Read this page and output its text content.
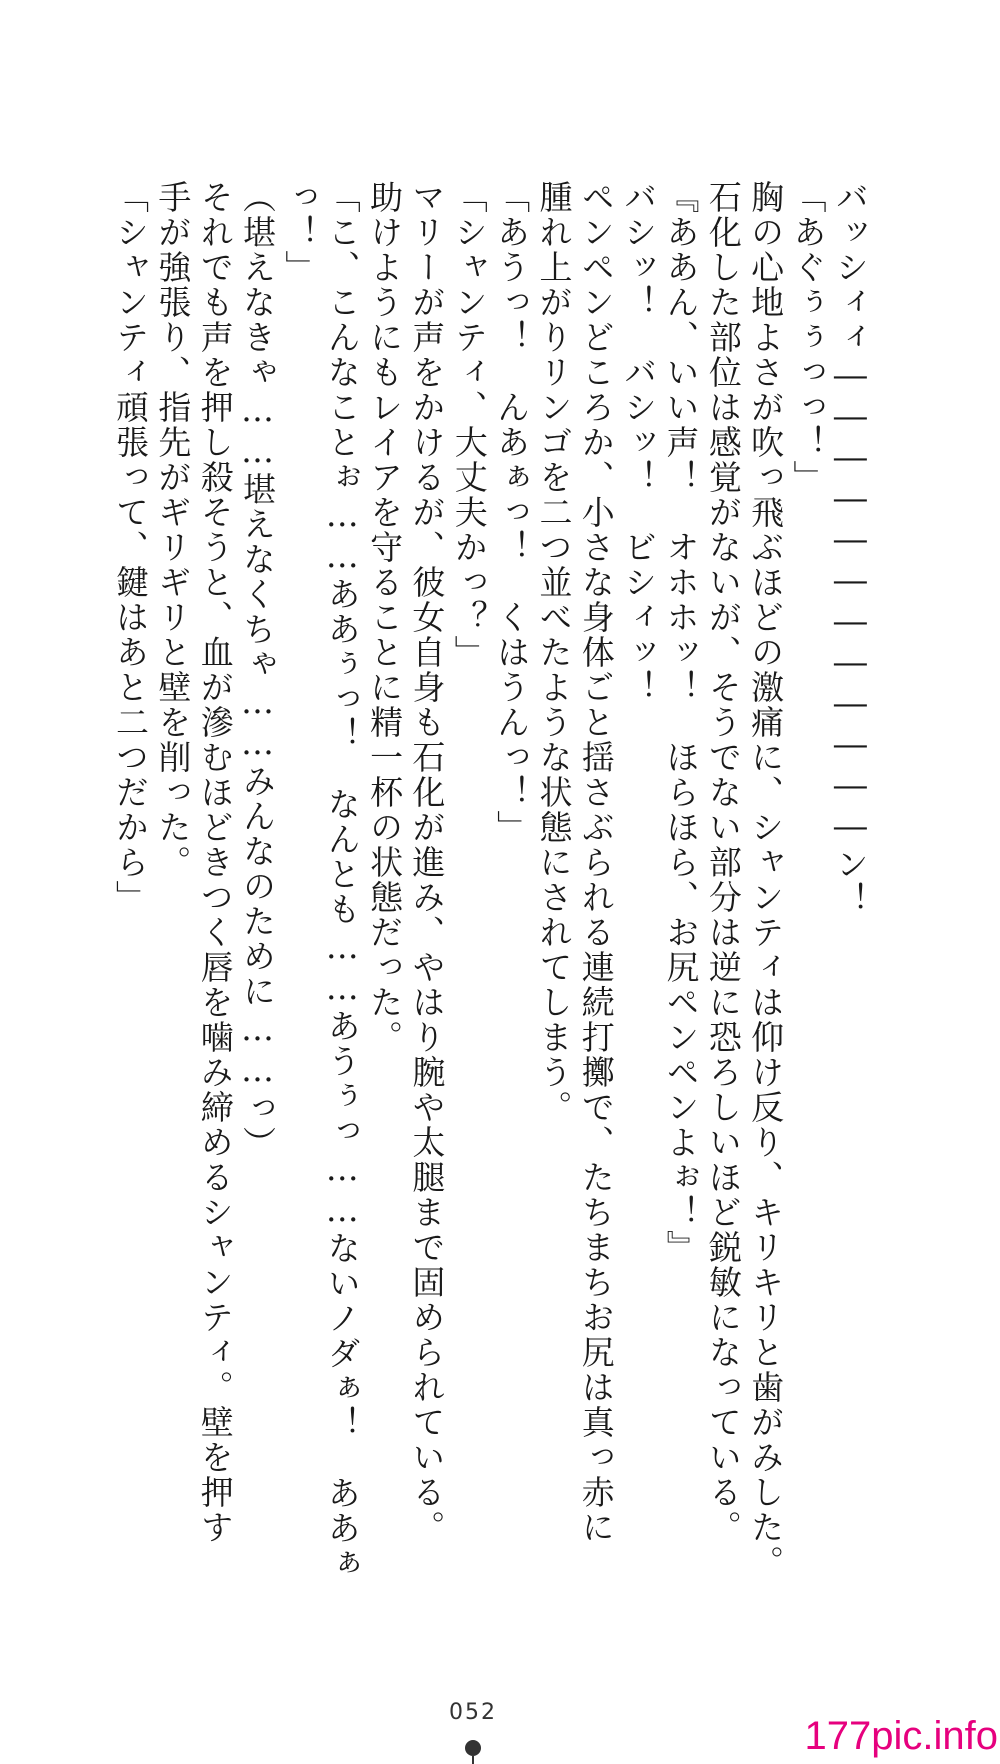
バッシィィ――――――――――――ン！
「あぐぅぅっっ！」
胸の心地よさが吹っ飛ぶほどの激痛に、シャンティは仰け反り、キリキリと歯がみした。
石化した部位は感覚がないが、そうでない部分は逆に恐ろしいほど鋭敏になっている。
『ああん、いい声！　オホホッ！　ほらほら、お尻ペンペンよぉ！』
バシッ！　バシッ！　ビシィッ！
ペンペンどころか、小さな身体ごと揺さぶられる連続打擲で、たちまちお尻は真っ赤に
腫れ上がりリンゴを二つ並べたような状態にされてしまう。
「あうっ！　んあぁっ！　くはうんっ！」
「シャンティ、大丈夫かっ？」
マリーが声をかけるが、彼女自身も石化が進み、やはり腕や太腿まで固められている。
助けようにもレイアを守ることに精一杯の状態だった。
「こ、こんなことぉ……ああぅっ！　なんとも……あうぅっ……ないノダぁ！　ああぁ
っ！」
（堪えなきゃ……堪えなくちゃ……みんなのために……っ）
それでも声を押し殺そうと、血が滲むほどきつく唇を噛み締めるシャンティ。壁を押す
手が強張り、指先がギリギリと壁を削った。
「シャンティ頑張って、鍵はあと二つだから」
052
177pic.info
